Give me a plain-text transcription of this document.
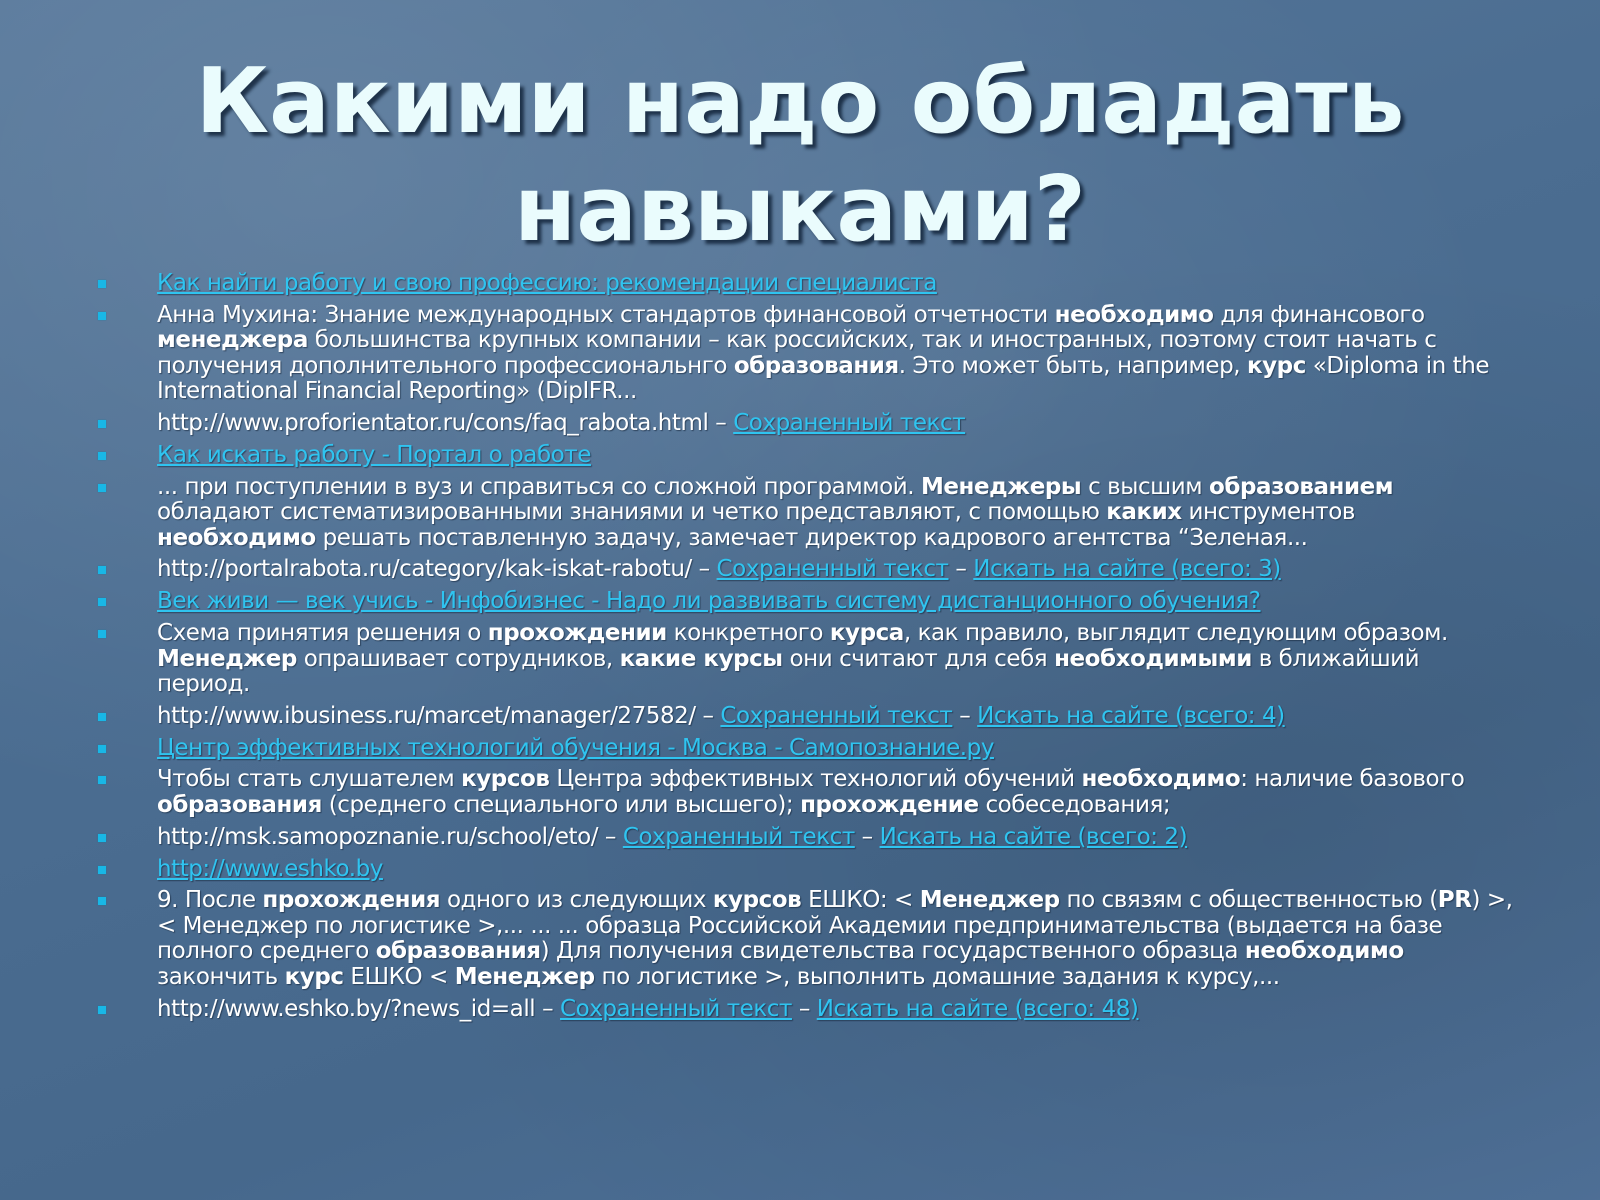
Какими надо обладать
навыками?
Как найти работу и свою профессию: рекомендации специалиста
Анна Мухина: Знание международных стандартов финансовой отчетности необходимо для финансового менеджера большинства крупных компании – как российских, так и иностранных, поэтому стоит начать с получения дополнительного профессиональнго образования. Это может быть, например, курс «Diploma in the International Financial Reporting» (DipIFR...
http://www.proforientator.ru/cons/faq_rabota.html – Сохраненный текст
Как искать работу - Портал о работе
... при поступлении в вуз и справиться со сложной программой. Менеджеры с высшим образованием обладают систематизированными знаниями и четко представляют, с помощью каких инструментов необходимо решать поставленную задачу, замечает директор кадрового агентства “Зеленая...
http://portalrabota.ru/category/kak-iskat-rabotu/ – Сохраненный текст – Искать на сайте (всего: 3)
Век живи — век учись - Инфобизнес - Надо ли развивать систему дистанционного обучения?
Схема принятия решения о прохождении конкретного курса, как правило, выглядит следующим образом. Менеджер опрашивает сотрудников, какие курсы они считают для себя необходимыми в ближайший период.
http://www.ibusiness.ru/marcet/manager/27582/ – Сохраненный текст – Искать на сайте (всего: 4)
Центр эффективных технологий обучения - Москва - Самопознание.ру
Чтобы стать слушателем курсов Центра эффективных технологий обучений необходимо: наличие базового образования (среднего специального или высшего); прохождение собеседования;
http://msk.samopoznanie.ru/school/eto/ – Сохраненный текст – Искать на сайте (всего: 2)
http://www.eshko.by
9. После прохождения одного из следующих курсов ЕШКО: < Менеджер по связям с общественностью (PR) >, < Менеджер по логистике >,... ... ... образца Российской Академии предпринимательства (выдается на базе полного среднего образования) Для получения свидетельства государственного образца необходимо закончить курс ЕШКО < Менеджер по логистике >, выполнить домашние задания к курсу,...
http://www.eshko.by/?news_id=all – Сохраненный текст – Искать на сайте (всего: 48)
